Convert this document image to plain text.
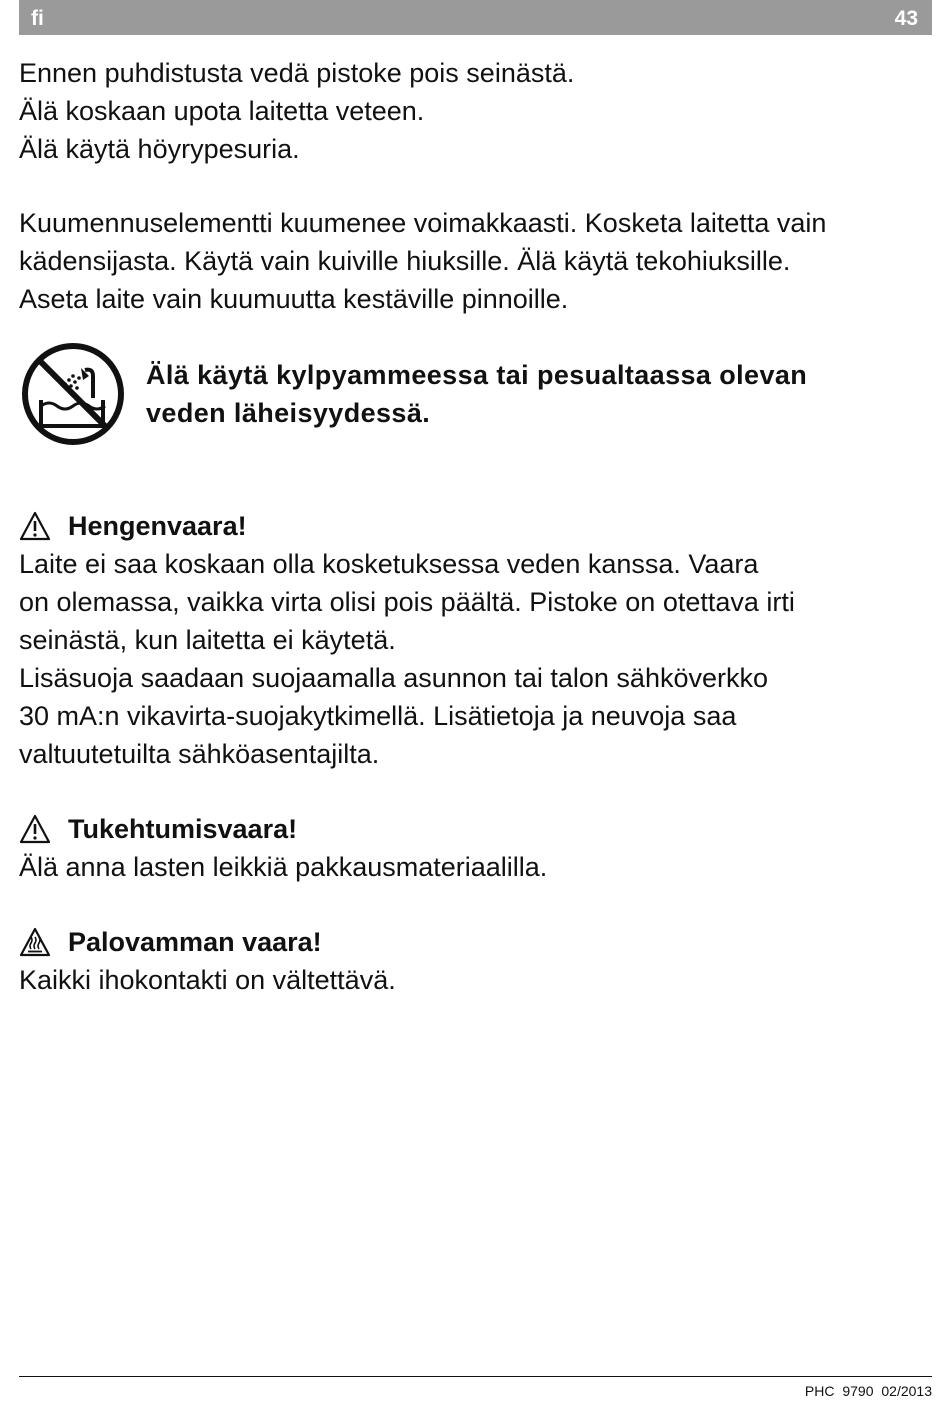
fi	43

Ennen puhdistusta vedä pistoke pois seinästä.

Älä koskaan upota laitetta veteen.

Älä käytä höyrypesuria.

Kuumennuselementti kuumenee voimakkaasti. Kosketa laitetta vain

kädensijasta. Käytä vain kuiville hiuksille. Älä käytä tekohiuksille.

Aseta laite vain kuumuutta kestäville pinnoille.

Älä käytä kylpyammeessa tai pesualtaassa olevan
veden läheisyydessä.
Hengenvaara!

Laite ei saa koskaan olla kosketuksessa veden kanssa. Vaara

on olemassa, vaikka virta olisi pois päältä. Pistoke on otettava irti

seinästä, kun laitetta ei käytetä.

Lisäsuoja saadaan suojaamalla asunnon tai talon sähköverkko

30 mA:n vikavirta-suojakytkimellä. Lisätietoja ja neuvoja saa

valtuutetuilta sähköasentajilta.

Tukehtumisvaara!

Älä anna lasten leikkiä pakkausmateriaalilla.

Palovamman vaara!

Kaikki ihokontakti on vältettävä.

PHC 9790 02/2013
